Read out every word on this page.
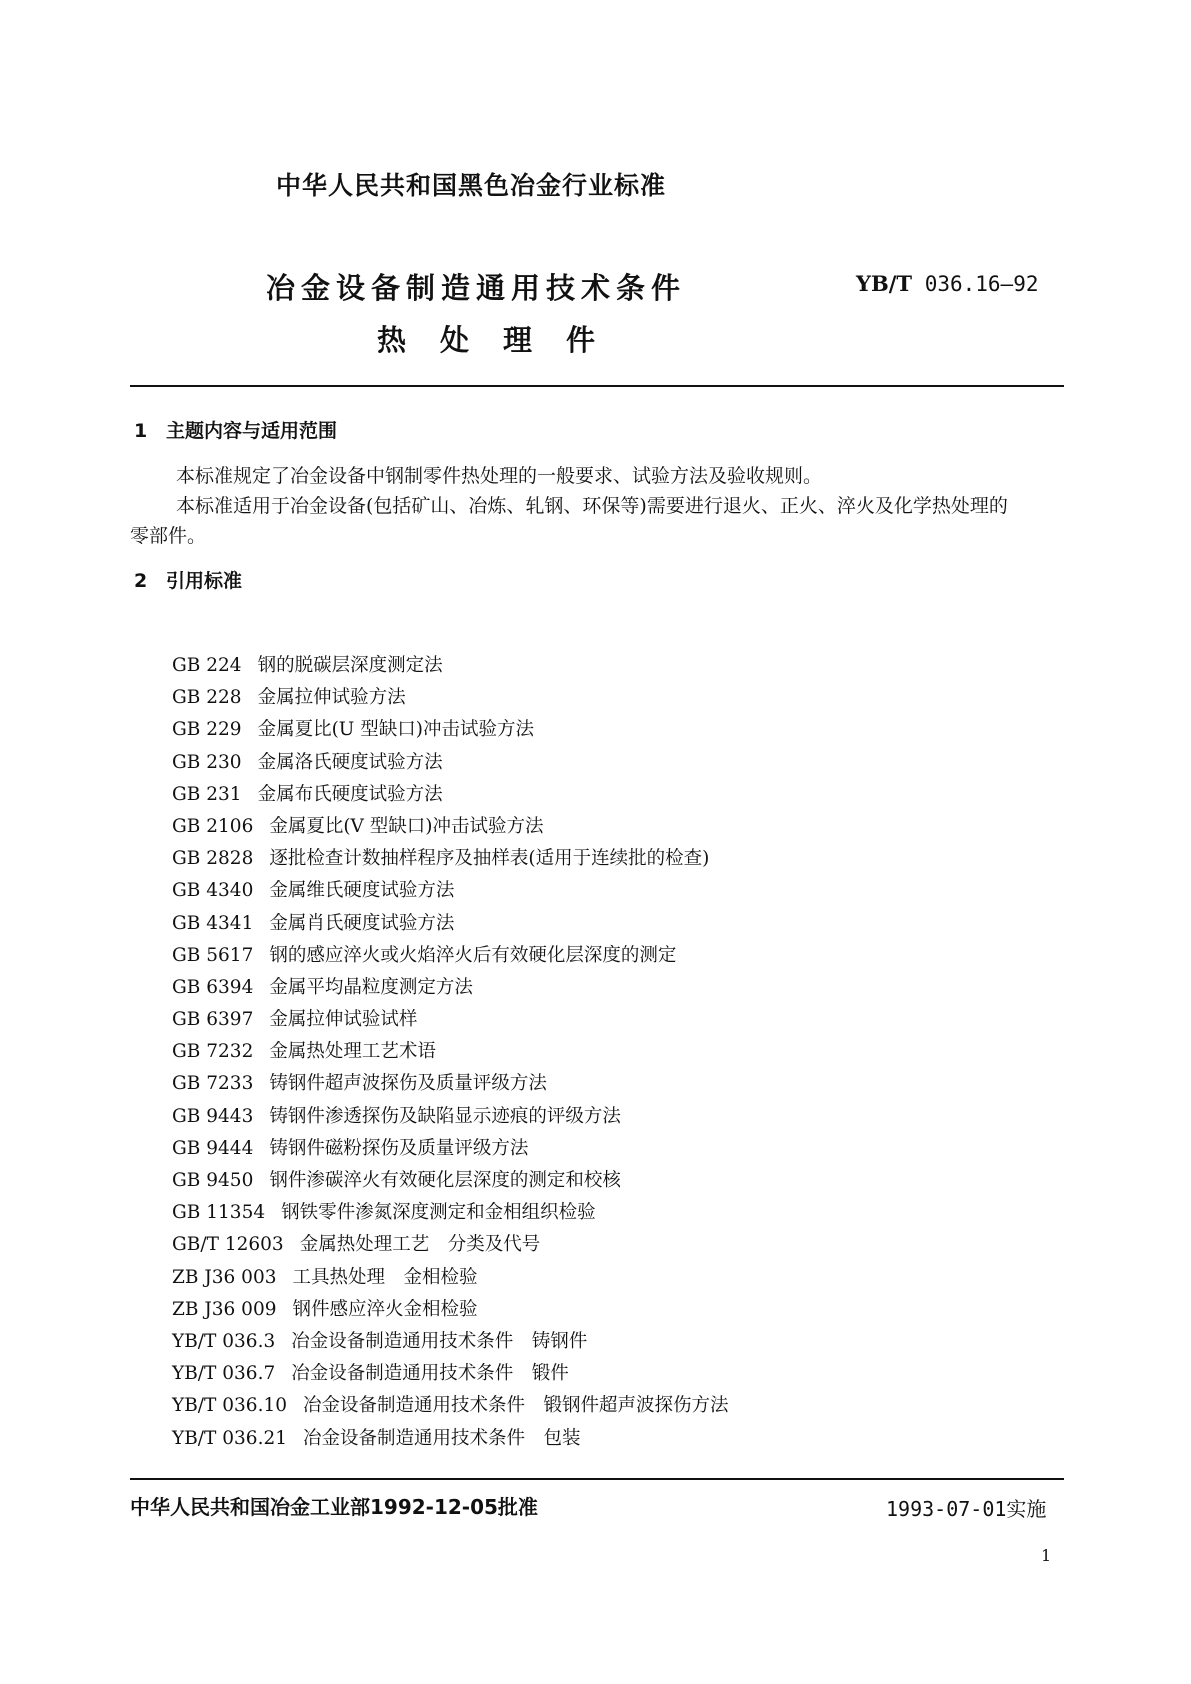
中华人民共和国黑色冶金行业标准
冶金设备制造通用技术条件
热处理件
YB/T 036.16—92
1 主题内容与适用范围
本标准规定了冶金设备中钢制零件热处理的一般要求、试验方法及验收规则。
本标准适用于冶金设备(包括矿山、冶炼、轧钢、环保等)需要进行退火、正火、淬火及化学热处理的
零部件。
2 引用标准
GB 224 钢的脱碳层深度测定法
GB 228 金属拉伸试验方法
GB 229 金属夏比(U 型缺口)冲击试验方法
GB 230 金属洛氏硬度试验方法
GB 231 金属布氏硬度试验方法
GB 2106 金属夏比(V 型缺口)冲击试验方法
GB 2828 逐批检查计数抽样程序及抽样表(适用于连续批的检查)
GB 4340 金属维氏硬度试验方法
GB 4341 金属肖氏硬度试验方法
GB 5617 钢的感应淬火或火焰淬火后有效硬化层深度的测定
GB 6394 金属平均晶粒度测定方法
GB 6397 金属拉伸试验试样
GB 7232 金属热处理工艺术语
GB 7233 铸钢件超声波探伤及质量评级方法
GB 9443 铸钢件渗透探伤及缺陷显示迹痕的评级方法
GB 9444 铸钢件磁粉探伤及质量评级方法
GB 9450 钢件渗碳淬火有效硬化层深度的测定和校核
GB 11354 钢铁零件渗氮深度测定和金相组织检验
GB/T 12603 金属热处理工艺　分类及代号
ZB J36 003 工具热处理　金相检验
ZB J36 009 钢件感应淬火金相检验
YB/T 036.3 冶金设备制造通用技术条件　铸钢件
YB/T 036.7 冶金设备制造通用技术条件　锻件
YB/T 036.10 冶金设备制造通用技术条件　锻钢件超声波探伤方法
YB/T 036.21 冶金设备制造通用技术条件　包装
中华人民共和国冶金工业部1992-12-05批准	1993-07-01实施
1
